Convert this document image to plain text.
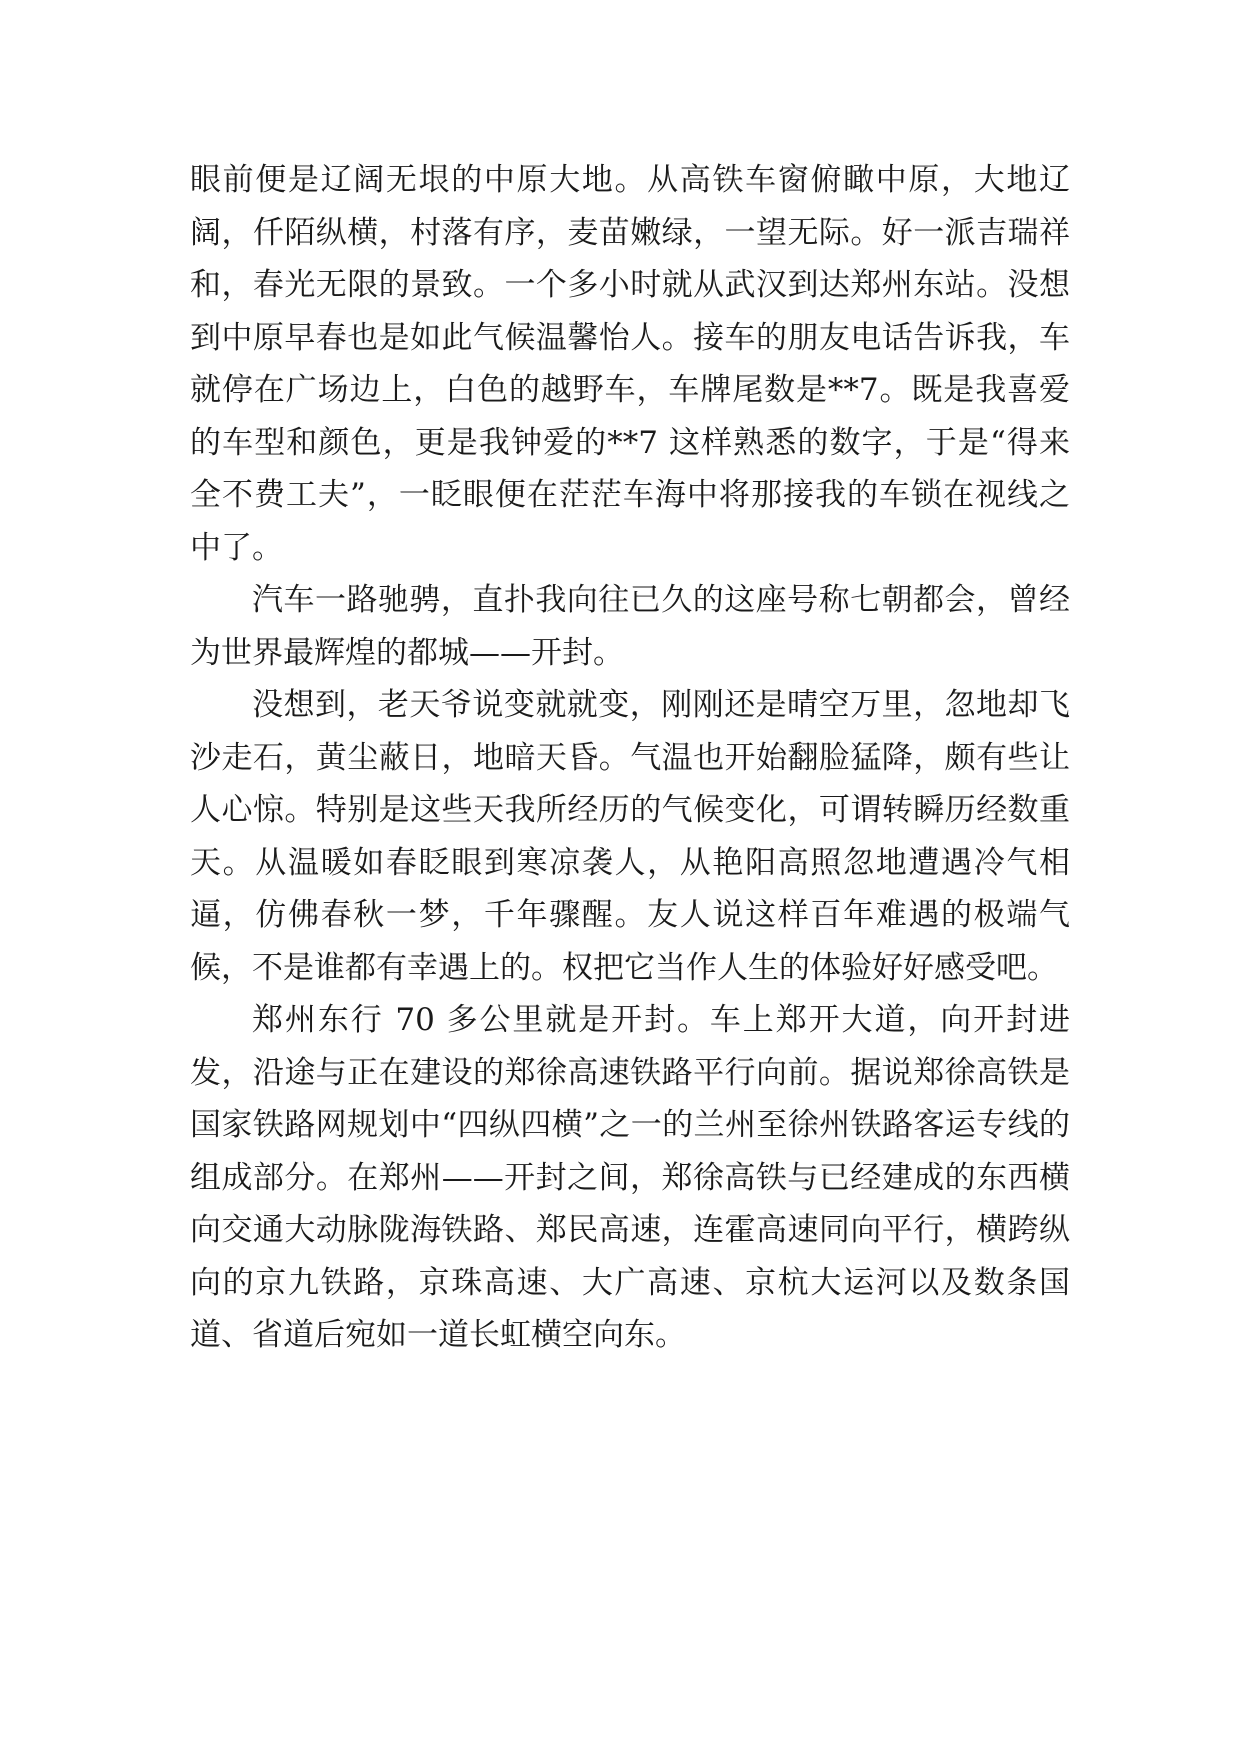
眼前便是辽阔无垠的中原大地。从高铁车窗俯瞰中原，大地辽阔，仟陌纵横，村落有序，麦苗嫩绿，一望无际。好一派吉瑞祥和，春光无限的景致。一个多小时就从武汉到达郑州东站。没想到中原早春也是如此气候温馨怡人。接车的朋友电话告诉我，车就停在广场边上，白色的越野车，车牌尾数是**7。既是我喜爱的车型和颜色，更是我钟爱的**7 这样熟悉的数字，于是“得来全不费工夫”，一眨眼便在茫茫车海中将那接我的车锁在视线之中了。

汽车一路驰骋，直扑我向往已久的这座号称七朝都会，曾经为世界最辉煌的都城——开封。

没想到，老天爷说变就就变，刚刚还是晴空万里，忽地却飞沙走石，黄尘蔽日，地暗天昏。气温也开始翻脸猛降，颇有些让人心惊。特别是这些天我所经历的气候变化，可谓转瞬历经数重天。从温暖如春眨眼到寒凉袭人，从艳阳高照忽地遭遇冷气相逼，仿佛春秋一梦，千年骤醒。友人说这样百年难遇的极端气候，不是谁都有幸遇上的。权把它当作人生的体验好好感受吧。

郑州东行 70 多公里就是开封。车上郑开大道，向开封进发，沿途与正在建设的郑徐高速铁路平行向前。据说郑徐高铁是国家铁路网规划中“四纵四横”之一的兰州至徐州铁路客运专线的组成部分。在郑州——开封之间，郑徐高铁与已经建成的东西横向交通大动脉陇海铁路、郑民高速，连霍高速同向平行，横跨纵向的京九铁路，京珠高速、大广高速、京杭大运河以及数条国道、省道后宛如一道长虹横空向东。
